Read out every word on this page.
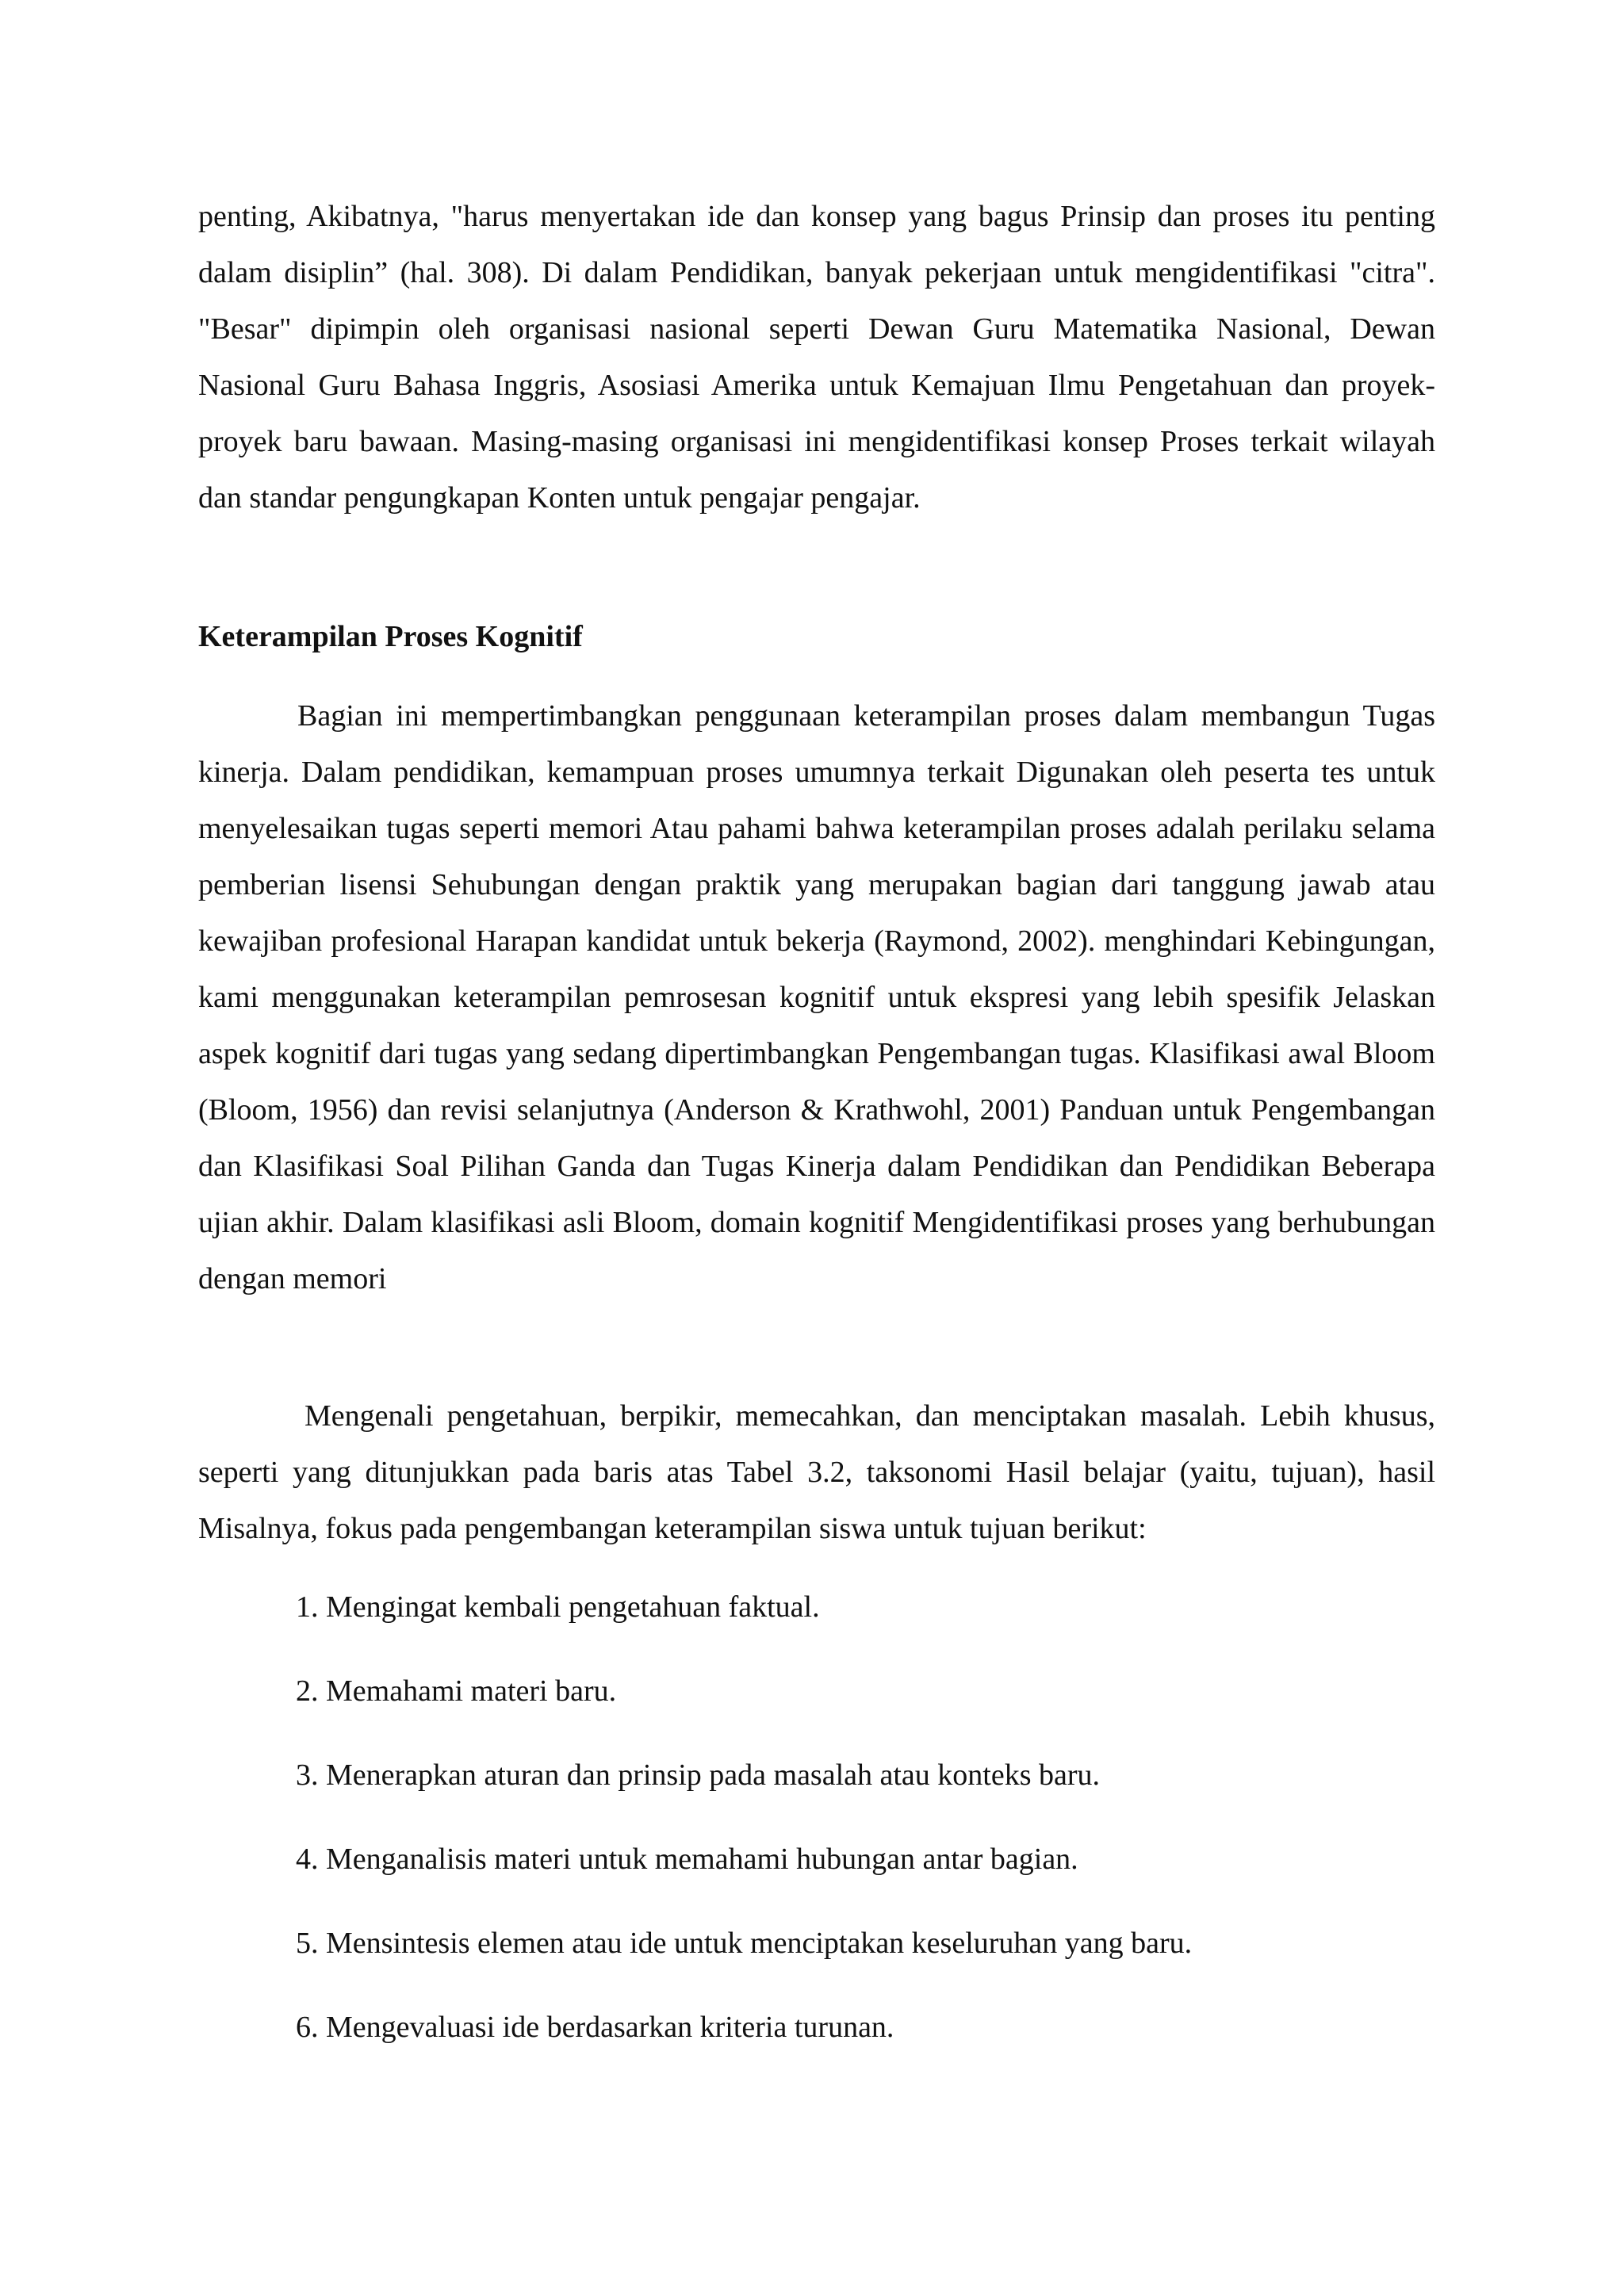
penting, Akibatnya, "harus menyertakan ide dan konsep yang bagus Prinsip dan proses itu penting dalam disiplin” (hal. 308). Di dalam Pendidikan, banyak pekerjaan untuk mengidentifikasi "citra". "Besar" dipimpin oleh organisasi nasional seperti Dewan Guru Matematika Nasional, Dewan Nasional Guru Bahasa Inggris, Asosiasi Amerika untuk Kemajuan Ilmu Pengetahuan dan proyek-proyek baru bawaan. Masing-masing organisasi ini mengidentifikasi konsep Proses terkait wilayah dan standar pengungkapan Konten untuk pengajar pengajar.

Keterampilan Proses Kognitif

Bagian ini mempertimbangkan penggunaan keterampilan proses dalam membangun Tugas kinerja. Dalam pendidikan, kemampuan proses umumnya terkait Digunakan oleh peserta tes untuk menyelesaikan tugas seperti memori Atau pahami bahwa keterampilan proses adalah perilaku selama pemberian lisensi Sehubungan dengan praktik yang merupakan bagian dari tanggung jawab atau kewajiban profesional Harapan kandidat untuk bekerja (Raymond, 2002). menghindari Kebingungan, kami menggunakan keterampilan pemrosesan kognitif untuk ekspresi yang lebih spesifik Jelaskan aspek kognitif dari tugas yang sedang dipertimbangkan Pengembangan tugas. Klasifikasi awal Bloom (Bloom, 1956) dan revisi selanjutnya (Anderson & Krathwohl, 2001) Panduan untuk Pengembangan dan Klasifikasi Soal Pilihan Ganda dan Tugas Kinerja dalam Pendidikan dan Pendidikan Beberapa ujian akhir. Dalam klasifikasi asli Bloom, domain kognitif Mengidentifikasi proses yang berhubungan dengan memori

Mengenali pengetahuan, berpikir, memecahkan, dan menciptakan masalah. Lebih khusus, seperti yang ditunjukkan pada baris atas Tabel 3.2, taksonomi Hasil belajar (yaitu, tujuan), hasil Misalnya, fokus pada pengembangan keterampilan siswa untuk tujuan berikut:

1. Mengingat kembali pengetahuan faktual.
2. Memahami materi baru.
3. Menerapkan aturan dan prinsip pada masalah atau konteks baru.
4. Menganalisis materi untuk memahami hubungan antar bagian.
5. Mensintesis elemen atau ide untuk menciptakan keseluruhan yang baru.
6. Mengevaluasi ide berdasarkan kriteria turunan.
